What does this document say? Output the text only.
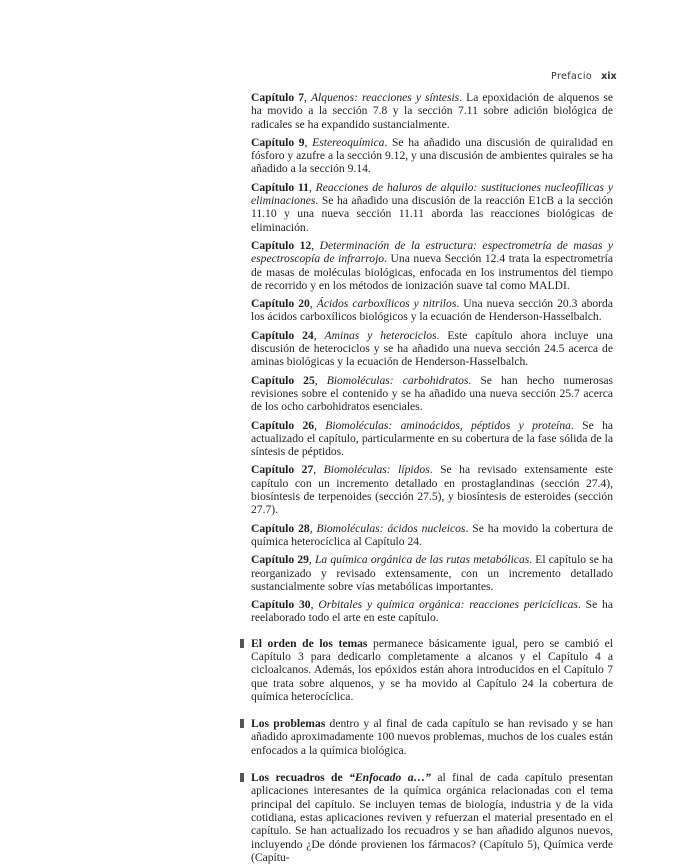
Prefacio xix

Capítulo 7, Alquenos: reacciones y síntesis. La epoxidación de alquenos se ha movido a la sección 7.8 y la sección 7.11 sobre adición biológica de radicales se ha expandido sustancialmente.

Capítulo 9, Estereoquímica. Se ha añadido una discusión de quiralidad en fósforo y azufre a la sección 9.12, y una discusión de ambientes quirales se ha añadido a la sección 9.14.

Capítulo 11, Reacciones de haluros de alquilo: sustituciones nucleofílicas y eliminaciones. Se ha añadido una discusión de la reacción E1cB a la sección 11.10 y una nueva sección 11.11 aborda las reacciones biológicas de eliminación.

Capítulo 12, Determinación de la estructura: espectrometría de masas y espectroscopía de infrarrojo. Una nueva Sección 12.4 trata la espectrometría de masas de moléculas biológicas, enfocada en los instrumentos del tiempo de recorrido y en los métodos de ionización suave tal como MALDI.

Capítulo 20, Ácidos carboxílicos y nitrilos. Una nueva sección 20.3 aborda los ácidos carboxílicos biológicos y la ecuación de Henderson-Hasselbalch.

Capítulo 24, Aminas y heterociclos. Este capítulo ahora incluye una discusión de heterociclos y se ha añadido una nueva sección 24.5 acerca de aminas biológicas y la ecuación de Henderson-Hasselbalch.

Capítulo 25, Biomoléculas: carbohidratos. Se han hecho numerosas revisiones sobre el contenido y se ha añadido una nueva sección 25.7 acerca de los ocho carbohidratos esenciales.

Capítulo 26, Biomoléculas: aminoácidos, péptidos y proteína. Se ha actualizado el capítulo, particularmente en su cobertura de la fase sólida de la síntesis de péptidos.

Capítulo 27, Biomoléculas: lípidos. Se ha revisado extensamente este capítulo con un incremento detallado en prostaglandinas (sección 27.4), biosíntesis de terpenoides (sección 27.5), y biosíntesis de esteroides (sección 27.7).

Capítulo 28, Biomoléculas: ácidos nucleicos. Se ha movido la cobertura de química heterocíclica al Capítulo 24.

Capítulo 29, La química orgánica de las rutas metabólicas. El capítulo se ha reorganizado y revisado extensamente, con un incremento detallado sustancialmente sobre vías metabólicas importantes.

Capítulo 30, Orbitales y química orgánica: reacciones pericíclicas. Se ha reelaborado todo el arte en este capítulo.

El orden de los temas permanece básicamente igual, pero se cambió el Capítulo 3 para dedicarlo completamente a alcanos y el Capítulo 4 a cicloalcanos. Además, los epóxidos están ahora introducidos en el Capítulo 7 que trata sobre alquenos, y se ha movido al Capítulo 24 la cobertura de química heterocíclica.

Los problemas dentro y al final de cada capítulo se han revisado y se han añadido aproximadamente 100 nuevos problemas, muchos de los cuales están enfocados a la química biológica.

Los recuadros de “Enfocado a…” al final de cada capítulo presentan aplicaciones interesantes de la química orgánica relacionadas con el tema principal del capítulo. Se incluyen temas de biología, industria y de la vida cotidiana, estas aplicaciones reviven y refuerzan el material presentado en el capítulo. Se han actualizado los recuadros y se han añadido algunos nuevos, incluyendo ¿De dónde provienen los fármacos? (Capítulo 5), Química verde (Capítu-
